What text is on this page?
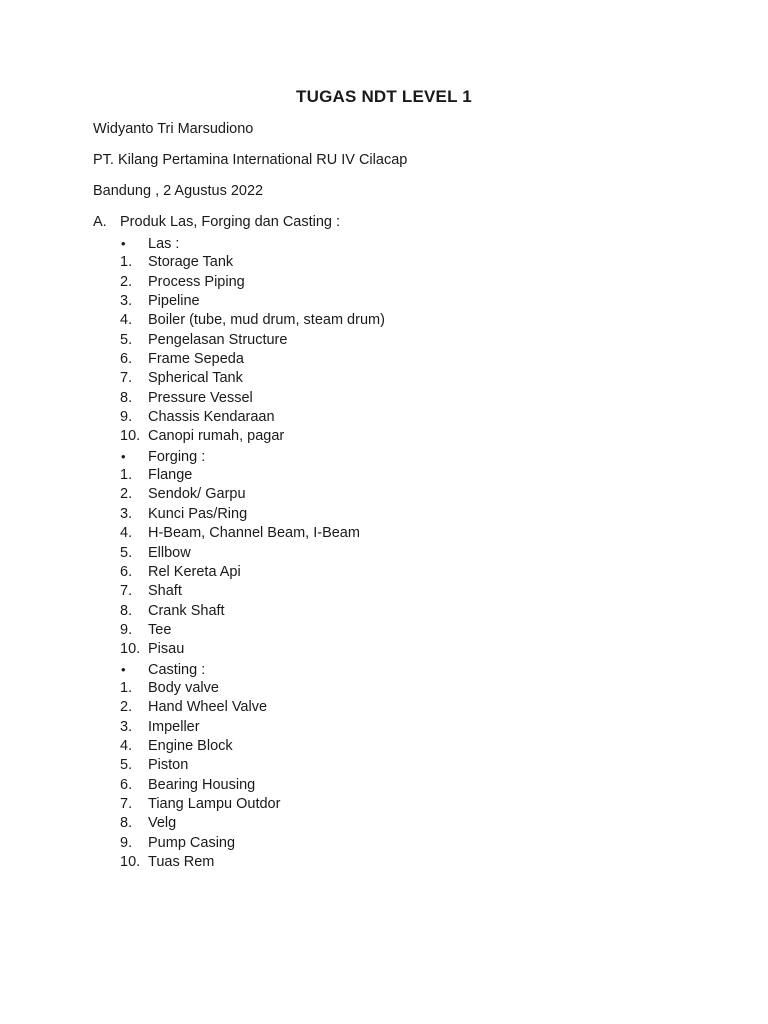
TUGAS NDT LEVEL 1
Widyanto Tri Marsudiono
PT. Kilang Pertamina International RU IV Cilacap
Bandung , 2 Agustus 2022
A. Produk Las, Forging dan Casting :
• Las :
1. Storage Tank
2. Process Piping
3. Pipeline
4. Boiler (tube, mud drum, steam drum)
5. Pengelasan Structure
6. Frame Sepeda
7. Spherical Tank
8. Pressure Vessel
9. Chassis Kendaraan
10. Canopi rumah, pagar
• Forging :
1. Flange
2. Sendok/ Garpu
3. Kunci Pas/Ring
4. H-Beam, Channel Beam, I-Beam
5. Ellbow
6. Rel Kereta Api
7. Shaft
8. Crank Shaft
9. Tee
10. Pisau
• Casting :
1. Body valve
2. Hand Wheel Valve
3. Impeller
4. Engine Block
5. Piston
6. Bearing Housing
7. Tiang Lampu Outdor
8. Velg
9. Pump Casing
10. Tuas Rem
